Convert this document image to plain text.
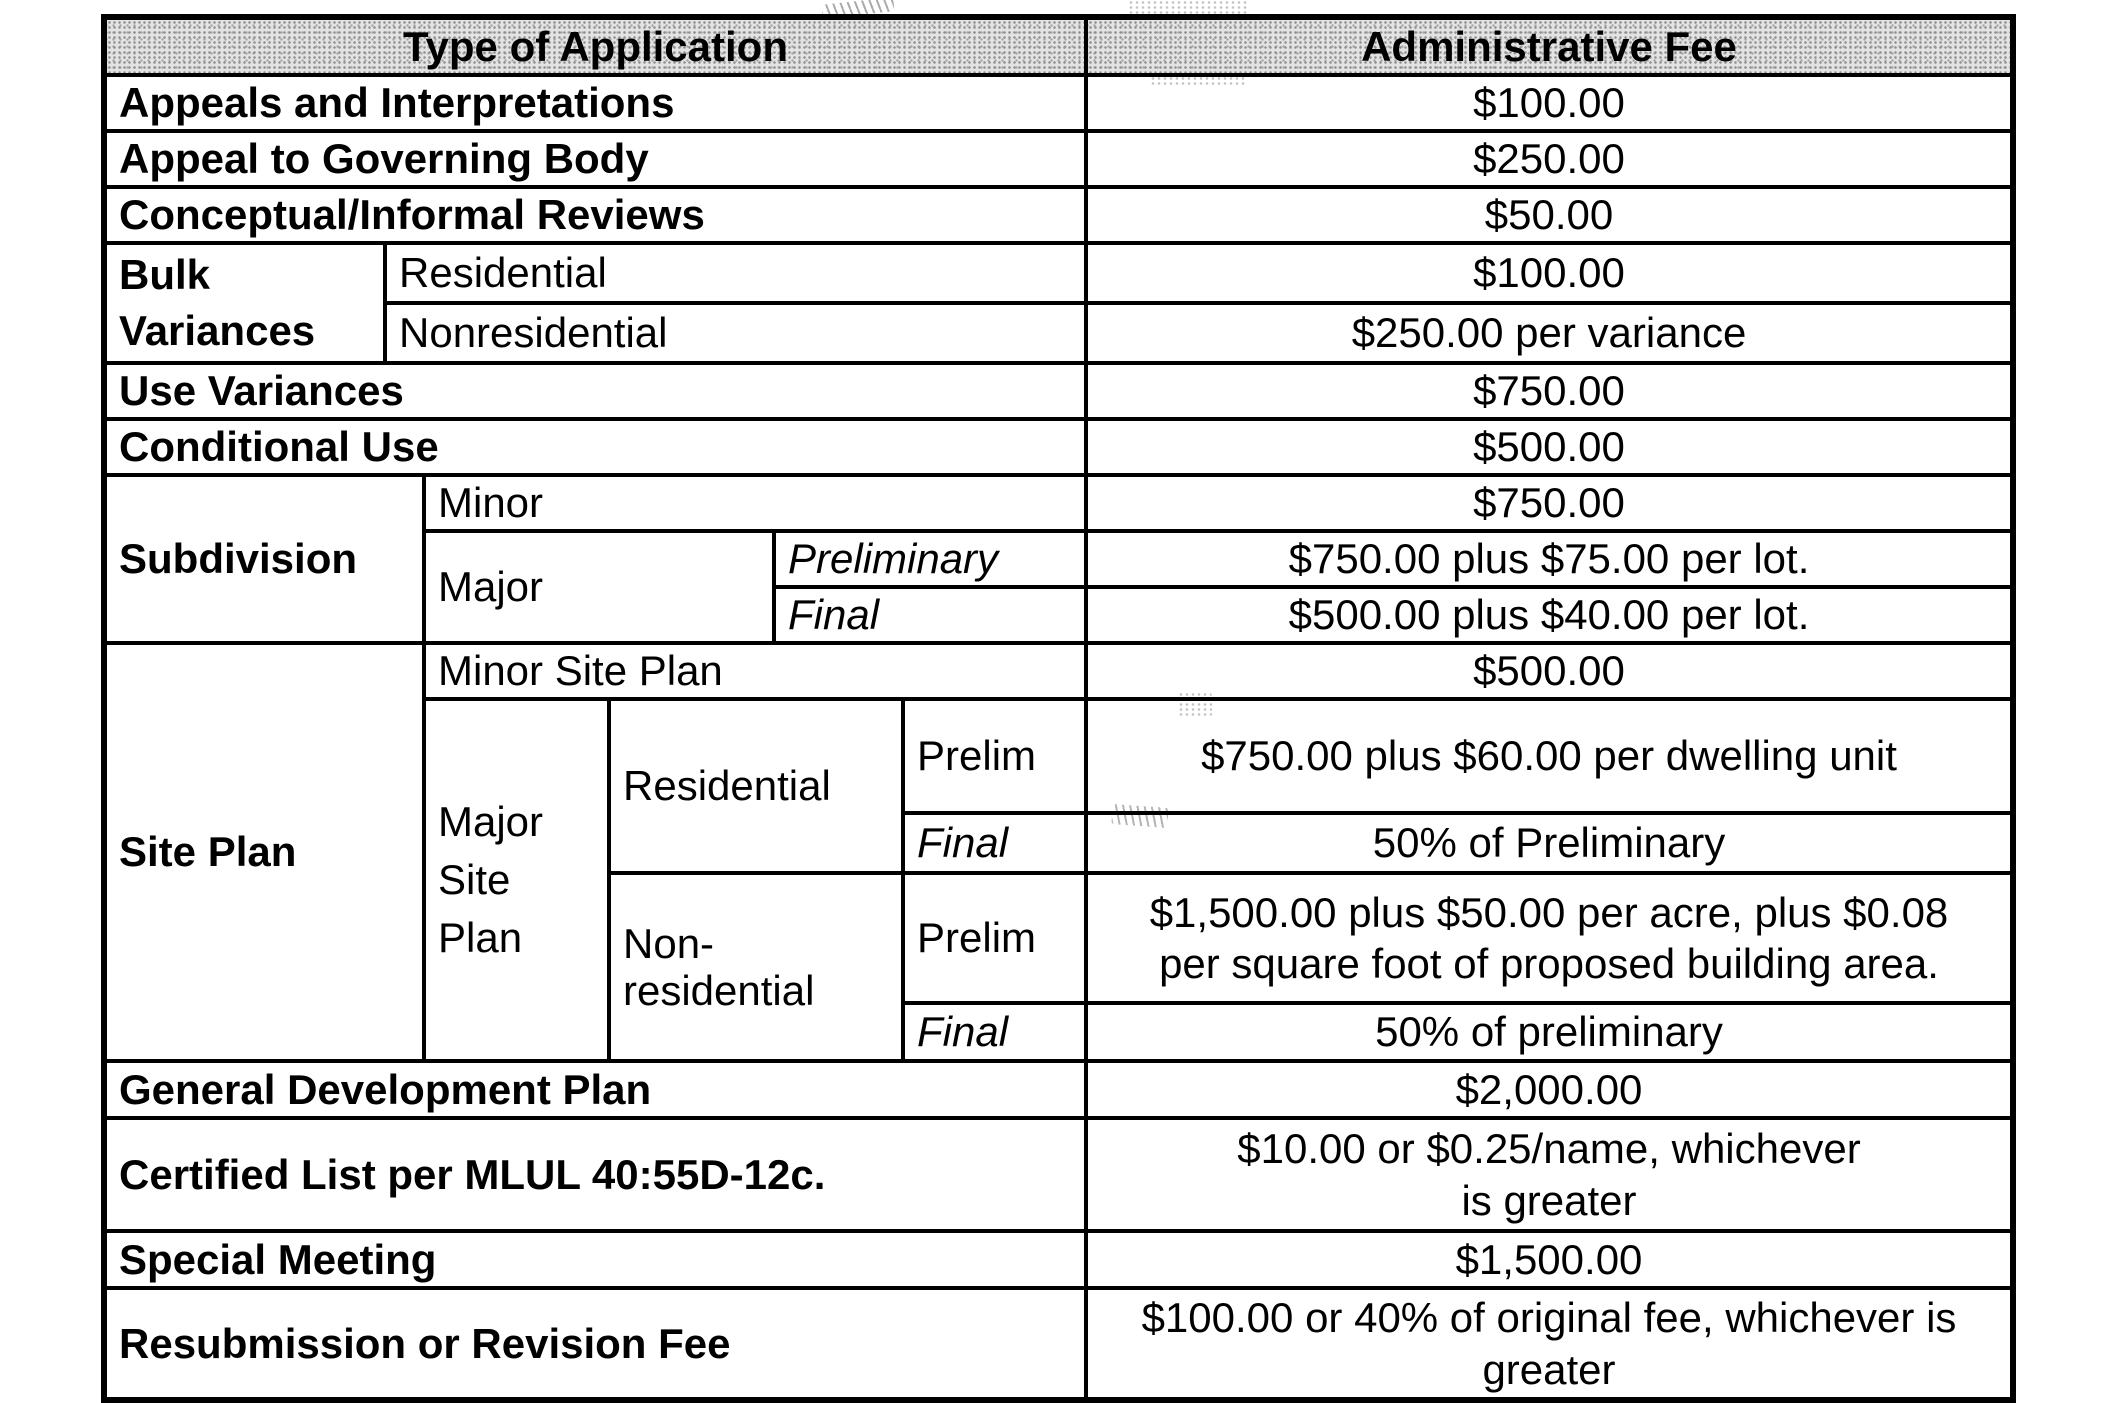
Type of Application						Administrative Fee
Appeals and Interpretations						$100.00
Appeal to Governing Body						$250.00
Conceptual/Informal Reviews						$50.00
Bulk Variances	Residential					$100.00
	Nonresidential					$250.00 per variance
Use Variances						$750.00
Conditional Use						$500.00
Subdivision		Minor				$750.00
		Major		Preliminary		$750.00 plus $75.00 per lot.
				Final		$500.00 plus $40.00 per lot.
Site Plan		Minor Site Plan				$500.00
		Major Site Plan	Residential		Prelim	$750.00 plus $60.00 per dwelling unit
					Final	50% of Preliminary
			Non-residential		Prelim	$1,500.00 plus $50.00 per acre, plus $0.08 per square foot of proposed building area.
					Final	50% of preliminary
General Development Plan						$2,000.00
Certified List per MLUL 40:55D-12c.						$10.00 or $0.25/name, whichever is greater
Special Meeting						$1,500.00
Resubmission or Revision Fee						$100.00 or 40% of original fee, whichever is greater
